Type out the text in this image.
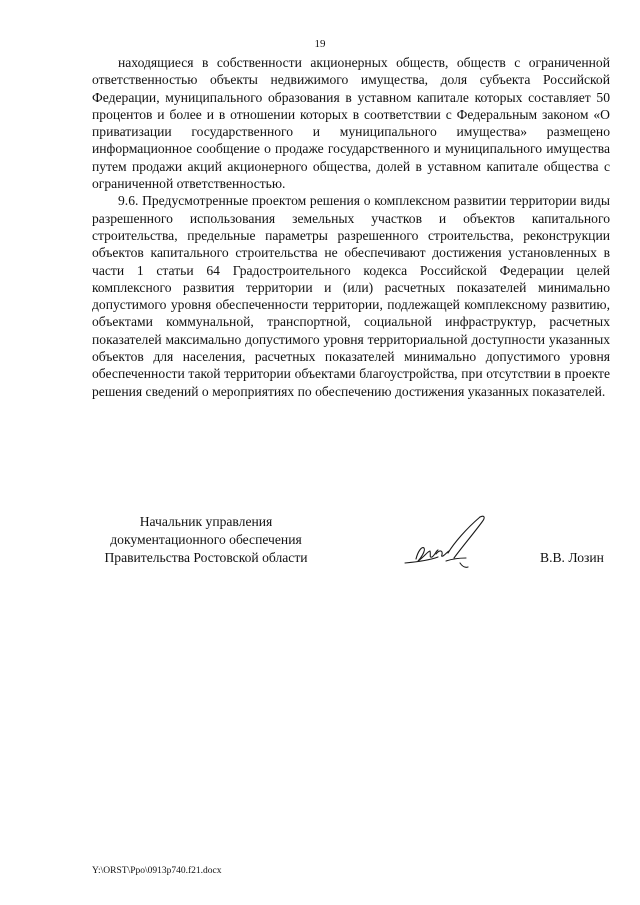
19

находящиеся в собственности акционерных обществ, обществ с ограниченной ответственностью объекты недвижимого имущества, доля субъекта Российской Федерации, муниципального образования в уставном капитале которых составляет 50 процентов и более и в отношении которых в соответствии с Федеральным законом «О приватизации государственного и муниципального имущества» размещено информационное сообщение о продаже государственного и муниципального имущества путем продажи акций акционерного общества, долей в уставном капитале общества с ограниченной ответственностью.

9.6. Предусмотренные проектом решения о комплексном развитии территории виды разрешенного использования земельных участков и объектов капитального строительства, предельные параметры разрешенного строительства, реконструкции объектов капитального строительства не обеспечивают достижения установленных в части 1 статьи 64 Градостроительного кодекса Российской Федерации целей комплексного развития территории и (или) расчетных показателей минимально допустимого уровня обеспеченности территории, подлежащей комплексному развитию, объектами коммунальной, транспортной, социальной инфраструктур, расчетных показателей максимально допустимого уровня территориальной доступности указанных объектов для населения, расчетных показателей минимально допустимого уровня обеспеченности такой территории объектами благоустройства, при отсутствии в проекте решения сведений о мероприятиях по обеспечению достижения указанных показателей.

Начальник управления
документационного обеспечения
Правительства Ростовской области	В.В. Лозин
Y:\ORST\Ppo\0913p740.f21.docx
